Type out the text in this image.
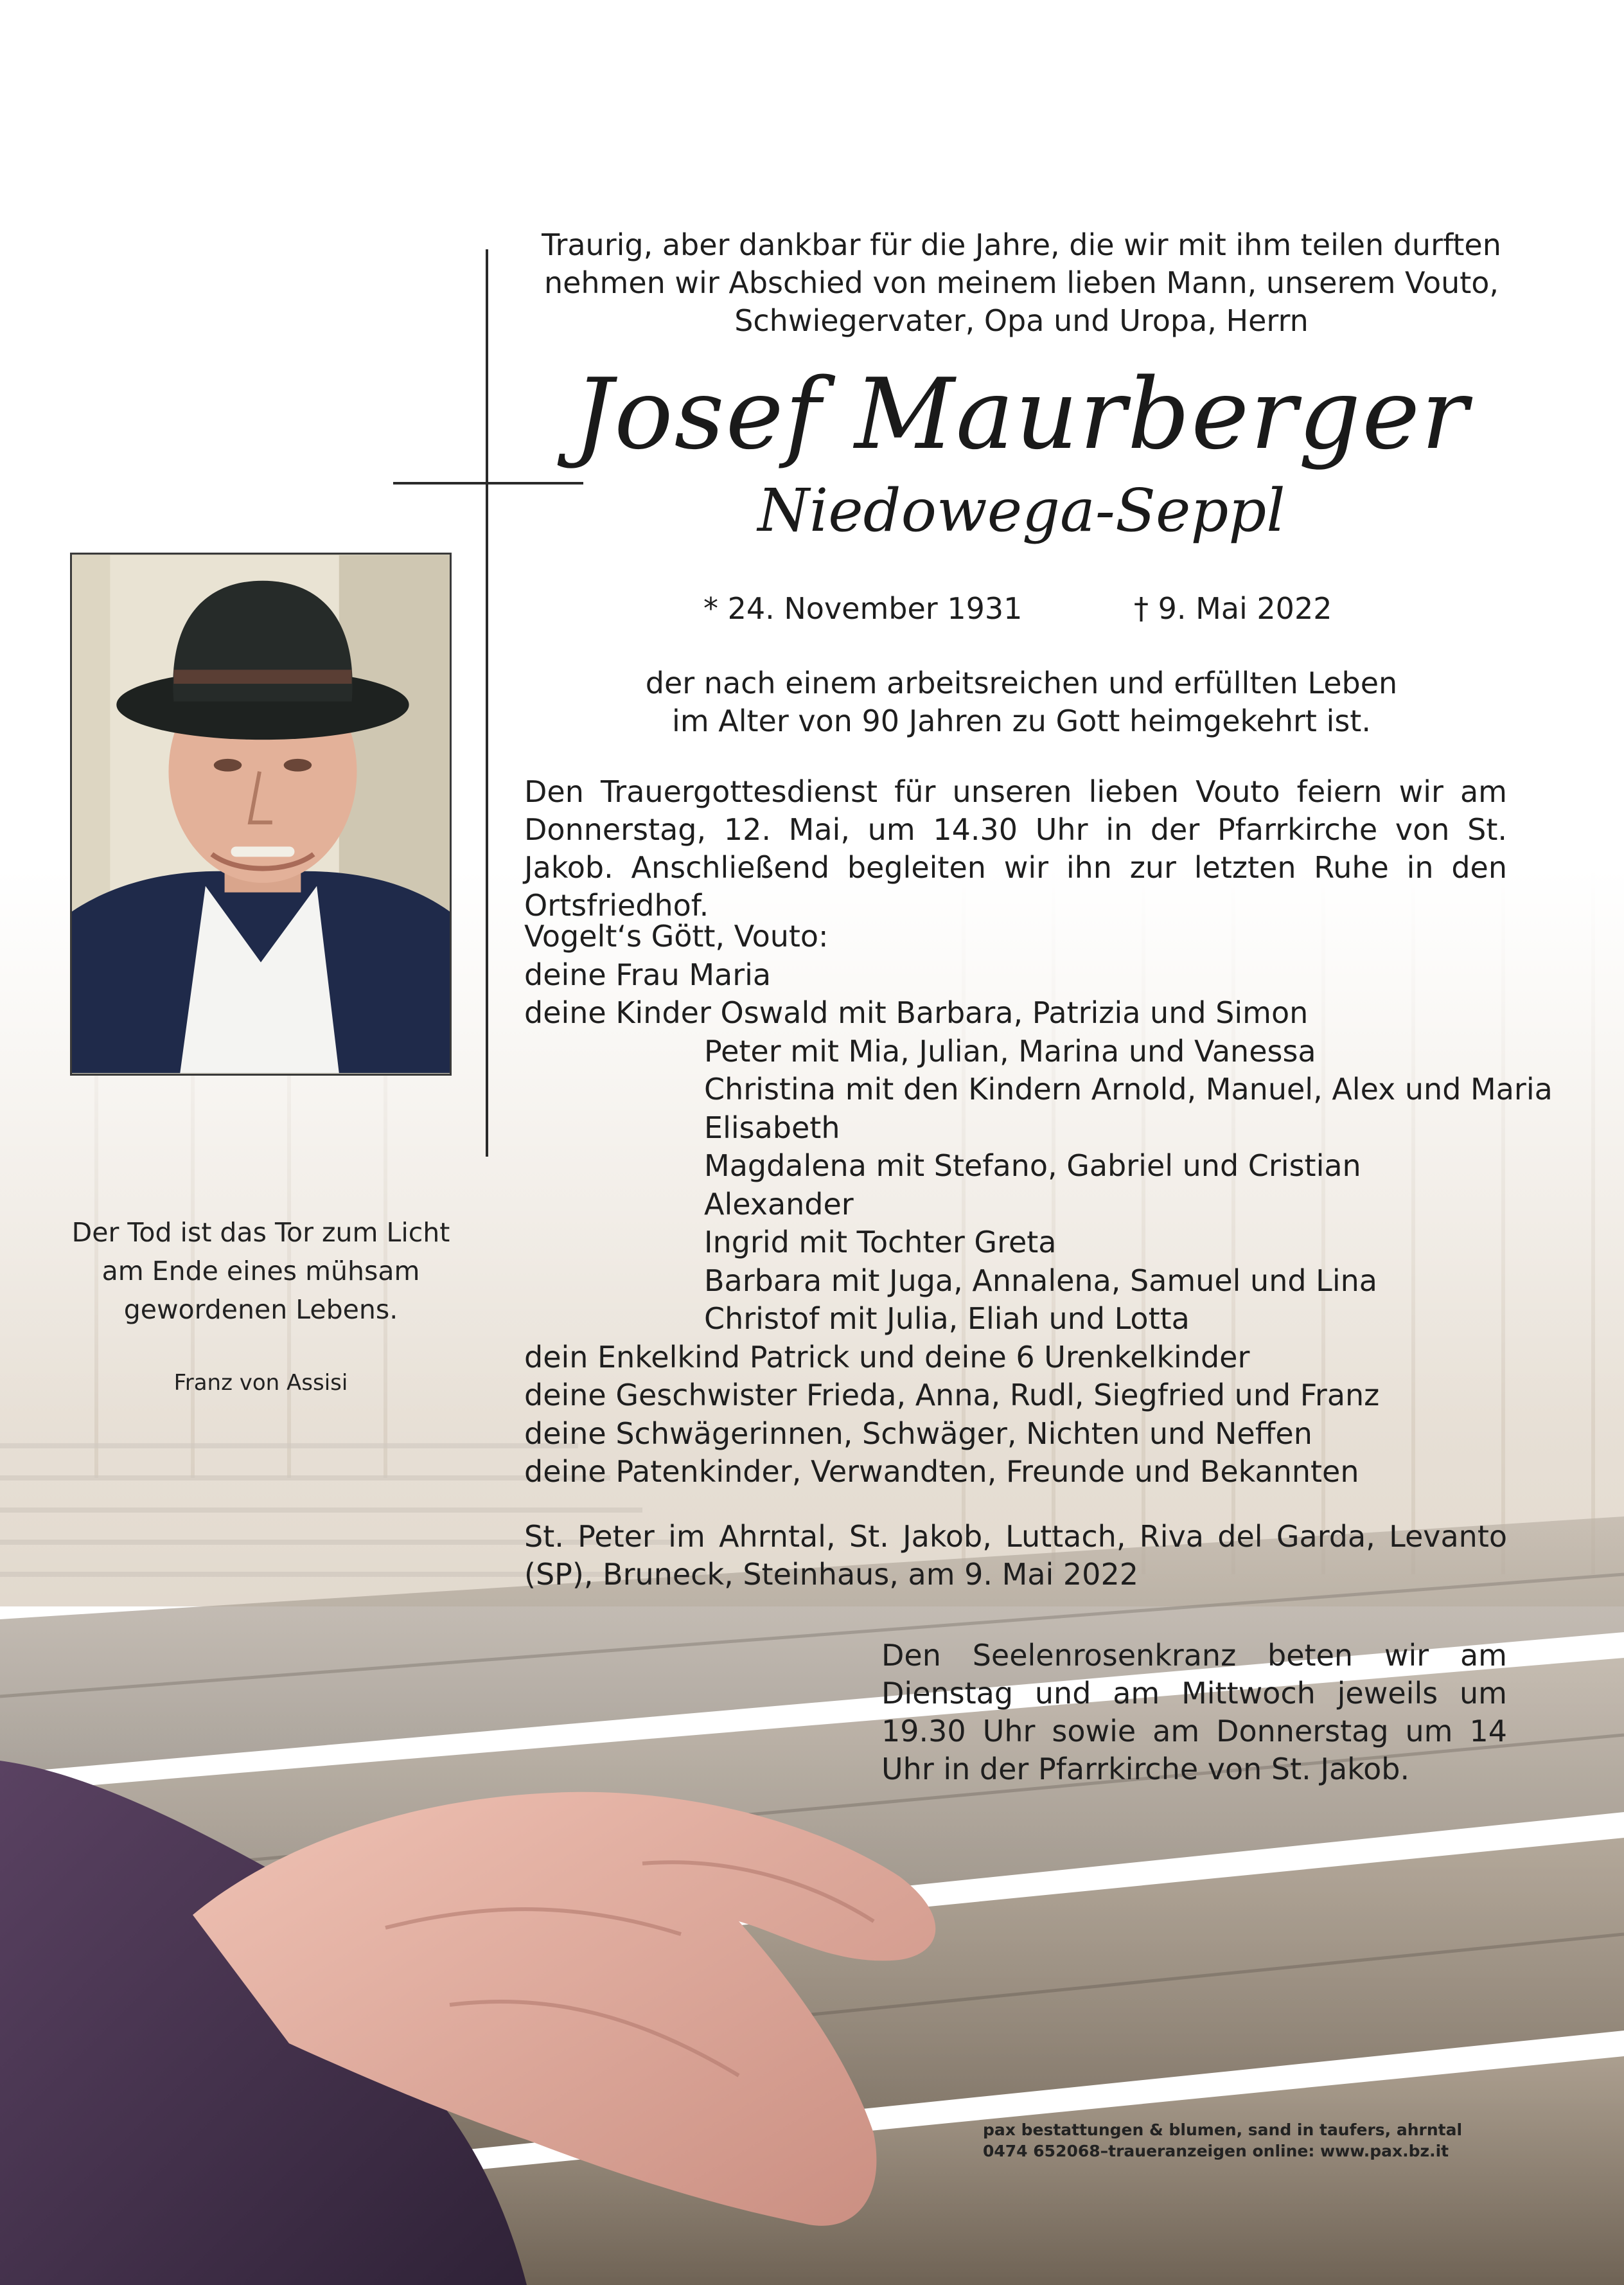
Traurig, aber dankbar für die Jahre, die wir mit ihm teilen durften
nehmen wir Abschied von meinem lieben Mann, unserem Vouto,
Schwiegervater, Opa und Uropa, Herrn
Josef Maurberger
Niedowega-Seppl
* 24. November 1931	† 9. Mai 2022
der nach einem arbeitsreichen und erfüllten Leben
im Alter von 90 Jahren zu Gott heimgekehrt ist.
Den Trauergottesdienst für unseren lieben Vouto feiern wir am Donnerstag, 12. Mai, um 14.30 Uhr in der Pfarrkirche von St. Jakob. Anschließend begleiten wir ihn zur letzten Ruhe in den Ortsfriedhof.
Vogelt‘s Gött, Vouto:
deine Frau Maria
deine Kinder Oswald mit Barbara, Patrizia und Simon
Peter mit Mia, Julian, Marina und Vanessa
Christina mit den Kindern Arnold, Manuel, Alex und Maria
Elisabeth
Magdalena mit Stefano, Gabriel und Cristian
Alexander
Ingrid mit Tochter Greta
Barbara mit Juga, Annalena, Samuel und Lina
Christof mit Julia, Eliah und Lotta
dein Enkelkind Patrick und deine 6 Urenkelkinder
deine Geschwister Frieda, Anna, Rudl, Siegfried und Franz
deine Schwägerinnen, Schwäger, Nichten und Neffen
deine Patenkinder, Verwandten, Freunde und Bekannten
St. Peter im Ahrntal, St. Jakob, Luttach, Riva del Garda, Levanto (SP), Bruneck, Steinhaus, am 9. Mai 2022
Den Seelenrosenkranz beten wir am Dienstag und am Mittwoch jeweils um 19.30 Uhr sowie am Donnerstag um 14 Uhr in der Pfarrkirche von St. Jakob.
Der Tod ist das Tor zum Licht
am Ende eines mühsam
gewordenen Lebens.
Franz von Assisi
pax bestattungen & blumen, sand in taufers, ahrntal
0474 652068–traueranzeigen online: www.pax.bz.it
